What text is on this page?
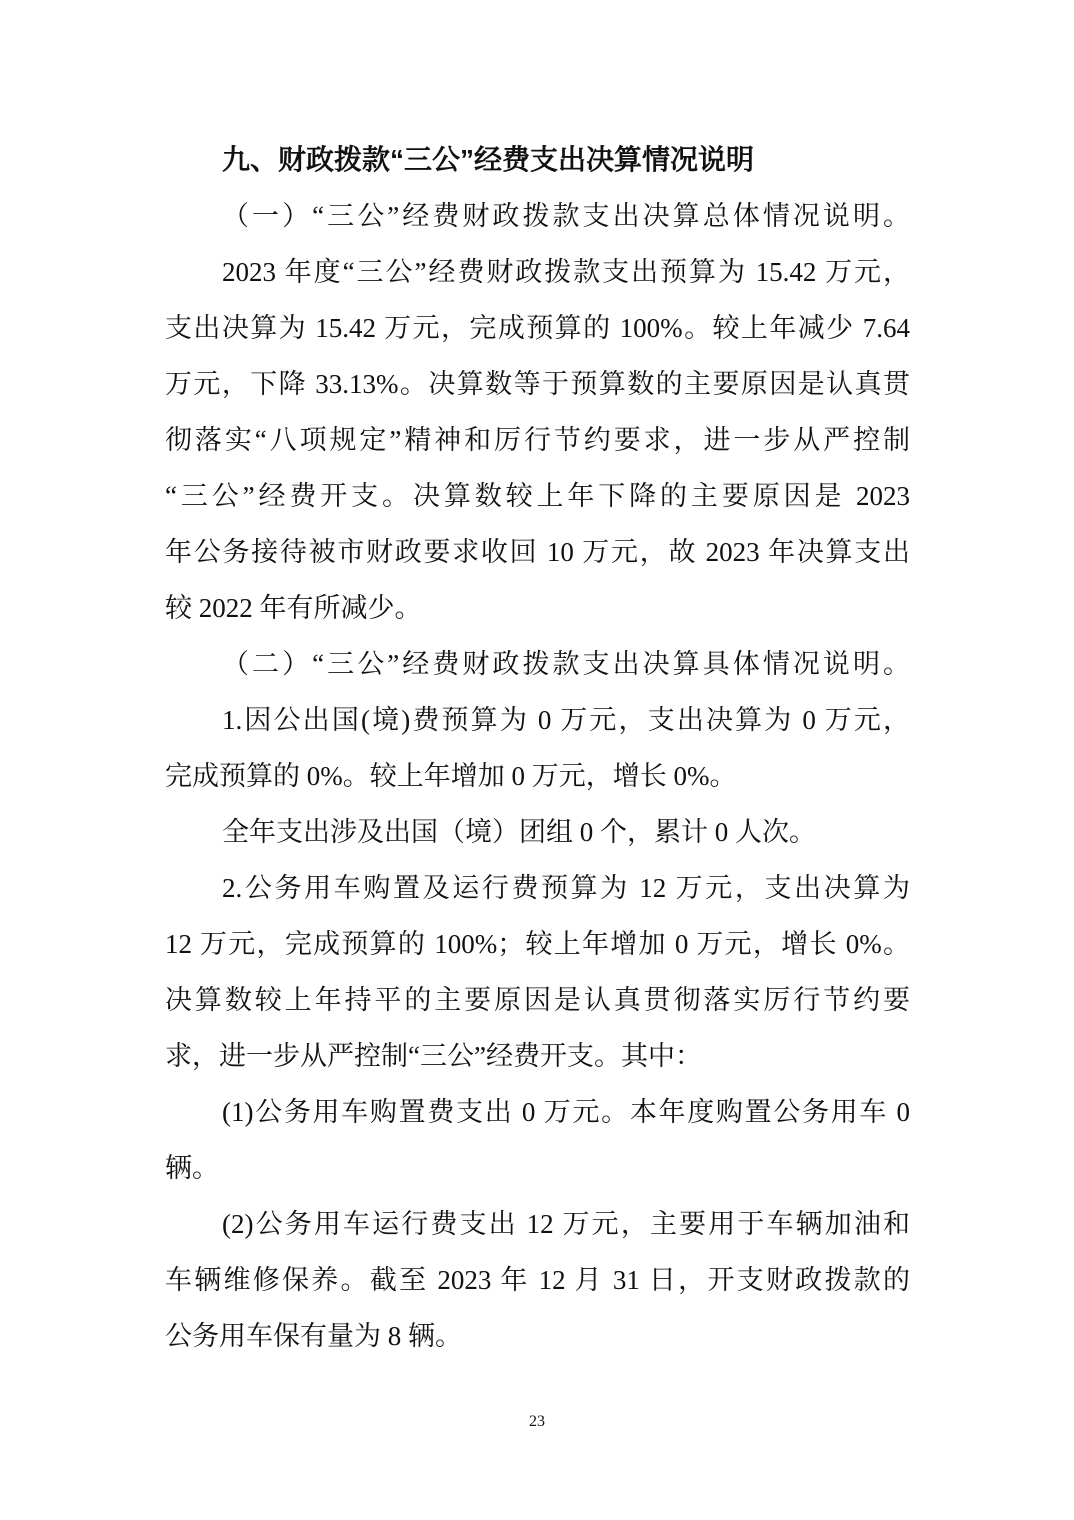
九、财政拨款“三公”经费支出决算情况说明
（一）“三公”经费财政拨款支出决算总体情况说明。
2023 年度“三公”经费财政拨款支出预算为 15.42 万元，
支出决算为 15.42 万元，完成预算的 100%。较上年减少 7.64
万元，下降 33.13%。决算数等于预算数的主要原因是认真贯
彻落实“八项规定”精神和厉行节约要求，进一步从严控制
“三公”经费开支。决算数较上年下降的主要原因是 2023
年公务接待被市财政要求收回 10 万元，故 2023 年决算支出
较 2022 年有所减少。
（二）“三公”经费财政拨款支出决算具体情况说明。
1.因公出国(境)费预算为 0 万元，支出决算为 0 万元，
完成预算的 0%。较上年增加 0 万元，增长 0%。
全年支出涉及出国（境）团组 0 个，累计 0 人次。
2.公务用车购置及运行费预算为 12 万元，支出决算为
12 万元，完成预算的 100%；较上年增加 0 万元，增长 0%。
决算数较上年持平的主要原因是认真贯彻落实厉行节约要
求，进一步从严控制“三公”经费开支。其中：
(1)公务用车购置费支出 0 万元。本年度购置公务用车 0
辆。
(2)公务用车运行费支出 12 万元，主要用于车辆加油和
车辆维修保养。截至 2023 年 12 月 31 日，开支财政拨款的
公务用车保有量为 8 辆。
23
